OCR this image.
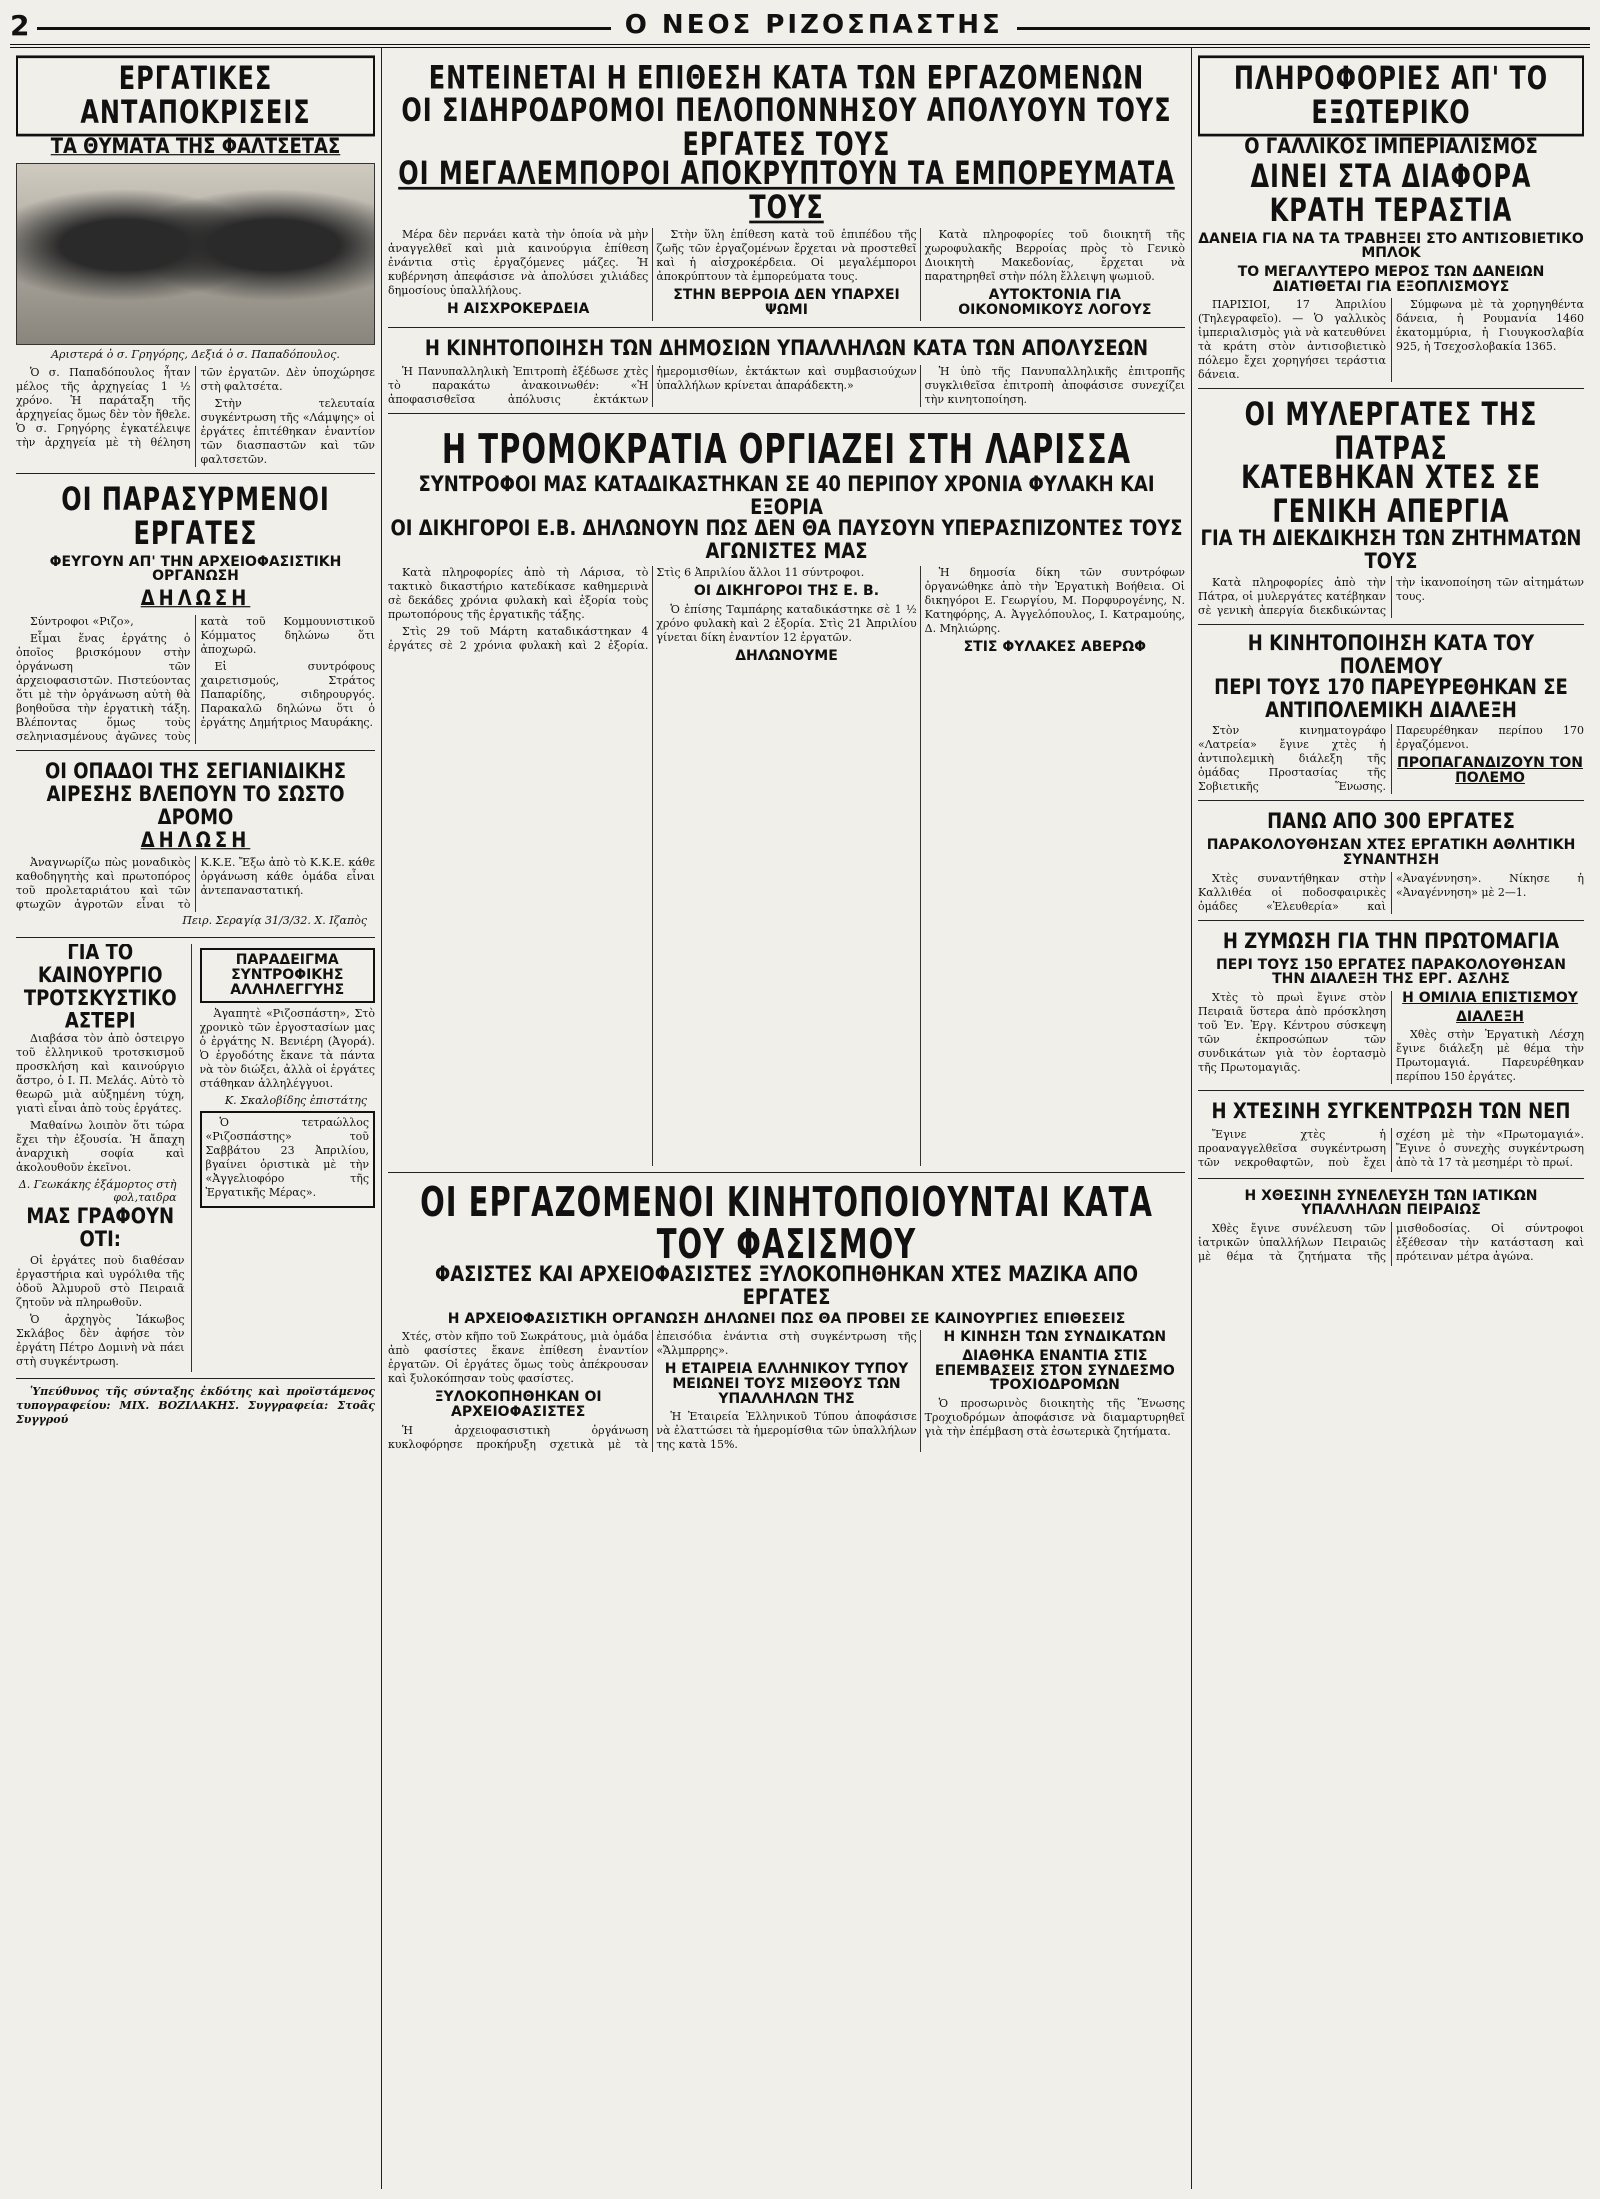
2	Ο ΝΕΟΣ ΡΙΖΟΣΠΑΣΤΗΣ
ΕΡΓΑΤΙΚΕΣ ΑΝΤΑΠΟΚΡΙΣΕΙΣ
ΤΑ ΘΥΜΑΤΑ ΤΗΣ ΦΑΛΤΣΕΤΑΣ
Αριστερά ὁ σ. Γρηγόρης, Δεξιά ὁ σ. Παπαδόπουλος.

Ὁ σ. Παπαδόπουλος ἦταν μέλος τῆς ἀρχηγείας 1 ½ χρόνο. Ἡ παράταξη τῆς ἀρχηγείας ὅμως δὲν τὸν ἤθελε. Ὁ σ. Γρηγόρης ἐγκατέλειψε τὴν ἀρχηγεία μὲ τὴ θέληση τῶν ἐργατῶν. Δὲν ὑποχώρησε στὴ φαλτσέτα.

Στὴν τελευταία συγκέντρωση τῆς «Λάμψης» οἱ ἐργάτες ἐπιτέθηκαν ἐναντίον τῶν διασπαστῶν καὶ τῶν φαλτσετῶν.

ΟΙ ΠΑΡΑΣΥΡΜΕΝΟΙ ΕΡΓΑΤΕΣ
ΦΕΥΓΟΥΝ ΑΠ' ΤΗΝ ΑΡΧΕΙΟΦΑΣΙΣΤΙΚΗ ΟΡΓΑΝΩΣΗ
ΔΗΛΩΣΗ

Σύντροφοι «Ριζο»,

Εἶμαι ἕνας ἐργάτης ὁ ὁποῖος βρισκόμουν στὴν ὀργάνωση τῶν ἀρχειοφασιστῶν. Πιστεύοντας ὅτι μὲ τὴν ὀργάνωση αὐτὴ θὰ βοηθοῦσα τὴν ἐργατικὴ τάξη. Βλέποντας ὅμως τοὺς σεληνιασμένους ἀγῶνες τοὺς κατὰ τοῦ Κομμουνιστικοῦ Κόμματος δηλώνω ὅτι ἀποχωρῶ.

Εἰ συντρόφους χαιρετισμούς, Στράτος Παπαρίδης, σιδηρουργός. Παρακαλῶ δηλώνω ὅτι ὁ ἐργάτης Δημήτριος Μαυράκης.

ΟΙ ΟΠΑΔΟΙ ΤΗΣ ΣΕΓΙΑΝΙΔΙΚΗΣ
ΑΙΡΕΣΗΣ ΒΛΕΠΟΥΝ ΤΟ ΣΩΣΤΟ ΔΡΟΜΟ
ΔΗΛΩΣΗ

Ἀναγνωρίζω πὼς μοναδικὸς καθοδηγητὴς καὶ πρωτοπόρος τοῦ προλεταριάτου καὶ τῶν φτωχῶν ἀγροτῶν εἶναι τὸ Κ.Κ.Ε. Ἔξω ἀπὸ τὸ Κ.Κ.Ε. κάθε ὀργάνωση κάθε ὁμάδα εἶναι ἀντεπαναστατική.

Πειρ. Σεραγίᾳ 31/3/32. Χ. Ιζαπὸς
ΓΙΑ ΤΟ ΚΑΙΝΟΥΡΓΙΟ ΤΡΟΤΣΚΥΣΤΙΚΟ ΑΣΤΕΡΙ

Διαβάσα τὸν ἀπὸ ὁστειργο τοῦ ἐλληνικοῦ τροτσκισμοῦ προσκλήση καὶ καινούργιο ἄστρο, ὁ Ι. Π. Μελάς. Αὐτὸ τὸ θεωρῶ μιὰ αὐξημένη τύχη, γιατὶ εἶναι ἀπὸ τοὺς ἐργάτες.

Μαθαίνω λοιπὸν ὅτι τώρα ἔχει τὴν ἐξουσία. Ἡ ἄπαχη ἀναρχικὴ σοφία καὶ ἀκολουθοῦν ἐκεῖνοι.

Δ. Γεωκάκης ἐξάμορτος στὴ φολ,ταιδρα
ΜΑΣ ΓΡΑΦΟΥΝ ΟΤΙ:

Οἱ ἐργάτες ποὺ διαθέσαν ἐργαστήρια καὶ υγρόλιθα τῆς ὀδοῦ Ἀλμυροῦ στὸ Πειραιᾶ ζητοῦν νὰ πληρωθοῦν.

Ὁ ἀρχηγὸς Ἰάκωβος Σκλάβος δὲν ἀφήσε τὸν ἐργάτη Πέτρο Δομινὴ νὰ πάει στὴ συγκέντρωση.

ΠΑΡΑΔΕΙΓΜΑ ΣΥΝΤΡΟΦΙΚΗΣ ΑΛΛΗΛΕΓΓΥΗΣ

Ἀγαπητὲ «Ριζοσπάστη», Στὸ χρονικὸ τῶν ἐργοστασίων μας ὁ ἐργάτης Ν. Βενιέρη (Ἀγορά). Ὁ ἐργοδότης ἔκανε τὰ πάντα νὰ τὸν διώξει, ἀλλὰ οἱ ἐργάτες στάθηκαν ἀλληλέγγυοι.

Κ. Σκαλοβίδης ἐπιστάτης

Ὁ τετραώλλος «Ριζοσπάστης» τοῦ Σαββάτου 23 Ἀπριλίου, βγαίνει ὁριστικὰ μὲ τὴν «Ἀγγελιοφόρο τῆς Ἐργατικῆς Μέρας».

Ὑπεύθυνος τῆς σύνταξης ἐκδότης καὶ προϊστάμενος τυπογραφείου: ΜΙΧ. ΒΟΖΙΛΑΚΗΣ. Συγγραφεία: Στοᾶς Συγγρού

ΕΝΤΕΙΝΕΤΑΙ Η ΕΠΙΘΕΣΗ ΚΑΤΑ ΤΩΝ ΕΡΓΑΖΟΜΕΝΩΝ
ΟΙ ΣΙΔΗΡΟΔΡΟΜΟΙ ΠΕΛΟΠΟΝΝΗΣΟΥ ΑΠΟΛΥΟΥΝ ΤΟΥΣ ΕΡΓΑΤΕΣ ΤΟΥΣ
ΟΙ ΜΕΓΑΛΕΜΠΟΡΟΙ ΑΠΟΚΡΥΠΤΟΥΝ ΤΑ ΕΜΠΟΡΕΥΜΑΤΑ ΤΟΥΣ

Μέρα δὲν περνάει κατὰ τὴν ὁποία νὰ μὴν ἀναγγελθεῖ καὶ μιὰ καινούργια ἐπίθεση ἐνάντια στὶς ἐργαζόμενες μάζες. Ἡ κυβέρνηση ἀπεφάσισε νὰ ἀπολύσει χιλιάδες δημοσίους ὑπαλλήλους.

Η ΑΙΣΧΡΟΚΕΡΔΕΙΑ

Στὴν ὕλη ἐπίθεση κατὰ τοῦ ἐπιπέδου τῆς ζωῆς τῶν ἐργαζομένων ἔρχεται νὰ προστεθεῖ καὶ ἡ αἰσχροκέρδεια. Οἱ μεγαλέμποροι ἀποκρύπτουν τὰ ἐμπορεύματα τους.

ΣΤΗΝ ΒΕΡΡΟΙΑ ΔΕΝ ΥΠΑΡΧΕΙ ΨΩΜΙ

Κατὰ πληροφορίες τοῦ διοικητῆ τῆς χωροφυλακῆς Βερροίας πρὸς τὸ Γενικὸ Διοικητὴ Μακεδονίας, ἔρχεται νὰ παρατηρηθεῖ στὴν πόλη ἔλλειψη ψωμιοῦ.

ΑΥΤΟΚΤΟΝΙΑ ΓΙΑ ΟΙΚΟΝΟΜΙΚΟΥΣ ΛΟΓΟΥΣ
Η ΚΙΝΗΤΟΠΟΙΗΣΗ ΤΩΝ ΔΗΜΟΣΙΩΝ ΥΠΑΛΛΗΛΩΝ ΚΑΤΑ ΤΩΝ ΑΠΟΛΥΣΕΩΝ

Ἡ Πανυπαλληλικὴ Ἐπιτροπὴ ἐξέδωσε χτὲς τὸ παρακάτω ἀνακοινωθέν: «Ἡ ἀποφασισθεῖσα ἀπόλυσις ἐκτάκτων ἡμερομισθίων, ἐκτάκτων καὶ συμβασιούχων ὑπαλλήλων κρίνεται ἀπαράδεκτη.»

Ἡ ὑπὸ τῆς Πανυπαλληλικῆς ἐπιτροπῆς συγκλιθεῖσα ἐπιτροπὴ ἀποφάσισε συνεχίζει τὴν κινητοποίηση.

Η ΤΡΟΜΟΚΡΑΤΙΑ ΟΡΓΙΑΖΕΙ ΣΤΗ ΛΑΡΙΣΣΑ
ΣΥΝΤΡΟΦΟΙ ΜΑΣ ΚΑΤΑΔΙΚΑΣΤΗΚΑΝ ΣΕ 40 ΠΕΡΙΠΟΥ ΧΡΟΝΙΑ ΦΥΛΑΚΗ ΚΑΙ ΕΞΟΡΙΑ
ΟΙ ΔΙΚΗΓΟΡΟΙ Ε.Β. ΔΗΛΩΝΟΥΝ ΠΩΣ ΔΕΝ ΘΑ ΠΑΥΣΟΥΝ ΥΠΕΡΑΣΠΙΖΟΝΤΕΣ ΤΟΥΣ ΑΓΩΝΙΣΤΕΣ ΜΑΣ

Κατὰ πληροφορίες ἀπὸ τὴ Λάρισα, τὸ τακτικὸ δικαστήριο κατεδίκασε καθημερινὰ σὲ δεκάδες χρόνια φυλακὴ καὶ ἐξορία τοὺς πρωτοπόρους τῆς ἐργατικῆς τάξης.

Στὶς 29 τοῦ Μάρτη καταδικάστηκαν 4 ἐργάτες σὲ 2 χρόνια φυλακὴ καὶ 2 ἐξορία. Στὶς 6 Ἀπριλίου ἄλλοι 11 σύντροφοι.

ΟΙ ΔΙΚΗΓΟΡΟΙ ΤΗΣ Ε. Β.

Ὁ ἐπίσης Ταμπάρης καταδικάστηκε σὲ 1 ½ χρόνο φυλακὴ καὶ 2 ἐξορία. Στὶς 21 Ἀπριλίου γίνεται δίκη ἐναντίον 12 ἐργατῶν.

ΔΗΛΩΝΟΥΜΕ

Ἡ δημοσία δίκη τῶν συντρόφων ὀργανώθηκε ἀπὸ τὴν Ἐργατικὴ Βοήθεια. Οἱ δικηγόροι Ε. Γεωργίου, Μ. Πορφυρογένης, Ν. Κατηφόρης, Α. Ἀγγελόπουλος, Ι. Κατραμούης, Δ. Μηλιώρης.

ΣΤΙΣ ΦΥΛΑΚΕΣ ΑΒΕΡΩΦ
ΟΙ ΕΡΓΑΖΟΜΕΝΟΙ ΚΙΝΗΤΟΠΟΙΟΥΝΤΑΙ ΚΑΤΑ ΤΟΥ ΦΑΣΙΣΜΟΥ
ΦΑΣΙΣΤΕΣ ΚΑΙ ΑΡΧΕΙΟΦΑΣΙΣΤΕΣ ΞΥΛΟΚΟΠΗΘΗΚΑΝ ΧΤΕΣ ΜΑΖΙΚΑ ΑΠΟ ΕΡΓΑΤΕΣ
Η ΑΡΧΕΙΟΦΑΣΙΣΤΙΚΗ ΟΡΓΑΝΩΣΗ ΔΗΛΩΝΕΙ ΠΩΣ ΘΑ ΠΡΟΒΕΙ ΣΕ ΚΑΙΝΟΥΡΓΙΕΣ ΕΠΙΘΕΣΕΙΣ

Χτές, στὸν κῆπο τοῦ Σωκράτους, μιὰ ὁμάδα ἀπὸ φασίστες ἔκανε ἐπίθεση ἐναντίον ἐργατῶν. Οἱ ἐργάτες ὅμως τοὺς ἀπέκρουσαν καὶ ξυλοκόπησαν τοὺς φασίστες.

ΞΥΛΟΚΟΠΗΘΗΚΑΝ ΟΙ ΑΡΧΕΙΟΦΑΣΙΣΤΕΣ

Ἡ ἀρχειοφασιστικὴ ὀργάνωση κυκλοφόρησε προκήρυξη σχετικὰ μὲ τὰ ἐπεισόδια ἐνάντια στὴ συγκέντρωση τῆς «Ἄλμπρρης».

Η ΕΤΑΙΡΕΙΑ ΕΛΛΗΝΙΚΟΥ ΤΥΠΟΥ ΜΕΙΩΝΕΙ ΤΟΥΣ ΜΙΣΘΟΥΣ ΤΩΝ ΥΠΑΛΛΗΛΩΝ ΤΗΣ

Ἡ Ἐταιρεία Ἐλληνικοῦ Τύπου ἀποφάσισε νὰ ἐλαττώσει τὰ ἡμερομίσθια τῶν ὑπαλλήλων της κατὰ 15%.

Η ΚΙΝΗΣΗ ΤΩΝ ΣΥΝΔΙΚΑΤΩΝ
ΔΙΑΘΗΚΑ ΕΝΑΝΤΙΑ ΣΤΙΣ ΕΠΕΜΒΑΣΕΙΣ ΣΤΟΝ ΣΥΝΔΕΣΜΟ ΤΡΟΧΙΟΔΡΟΜΩΝ

Ὁ προσωρινὸς διοικητὴς τῆς Ἕνωσης Τροχιοδρόμων ἀποφάσισε νὰ διαμαρτυρηθεῖ γιὰ τὴν ἐπέμβαση στὰ ἐσωτερικὰ ζητήματα.

ΠΛΗΡΟΦΟΡΙΕΣ ΑΠ' ΤΟ ΕΞΩΤΕΡΙΚΟ
Ο ΓΑΛΛΙΚΟΣ ΙΜΠΕΡΙΑΛΙΣΜΟΣ
ΔΙΝΕΙ ΣΤΑ ΔΙΑΦΟΡΑ ΚΡΑΤΗ ΤΕΡΑΣΤΙΑ
ΔΑΝΕΙΑ ΓΙΑ ΝΑ ΤΑ ΤΡΑΒΗΞΕΙ ΣΤΟ ΑΝΤΙΣΟΒΙΕΤΙΚΟ ΜΠΛΟΚ
ΤΟ ΜΕΓΑΛΥΤΕΡΟ ΜΕΡΟΣ ΤΩΝ ΔΑΝΕΙΩΝ ΔΙΑΤΙΘΕΤΑΙ ΓΙΑ ΕΞΟΠΛΙΣΜΟΥΣ

ΠΑΡΙΣΙΟΙ, 17 Ἀπριλίου (Τηλεγραφεῖο). — Ὁ γαλλικὸς ἰμπεριαλισμὸς γιὰ νὰ κατευθύνει τὰ κράτη στὸν ἀντισοβιετικὸ πόλεμο ἔχει χορηγήσει τεράστια δάνεια.

Σύμφωνα μὲ τὰ χορηγηθέντα δάνεια, ἡ Ρουμανία 1460 ἑκατομμύρια, ἡ Γιουγκοσλαβία 925, ἡ Τσεχοσλοβακία 1365.

ΟΙ ΜΥΛΕΡΓΑΤΕΣ ΤΗΣ ΠΑΤΡΑΣ
ΚΑΤΕΒΗΚΑΝ ΧΤΕΣ ΣΕ ΓΕΝΙΚΗ ΑΠΕΡΓΙΑ
ΓΙΑ ΤΗ ΔΙΕΚΔΙΚΗΣΗ ΤΩΝ ΖΗΤΗΜΑΤΩΝ ΤΟΥΣ

Κατὰ πληροφορίες ἀπὸ τὴν Πάτρα, οἱ μυλεργάτες κατέβηκαν σὲ γενικὴ ἀπεργία διεκδικώντας τὴν ἱκανοποίηση τῶν αἰτημάτων τους.

Η ΚΙΝΗΤΟΠΟΙΗΣΗ ΚΑΤΑ ΤΟΥ ΠΟΛΕΜΟΥ
ΠΕΡΙ ΤΟΥΣ 170 ΠΑΡΕΥΡΕΘΗΚΑΝ ΣΕ ΑΝΤΙΠΟΛΕΜΙΚΗ ΔΙΑΛΕΞΗ

Στὸν κινηματογράφο «Λατρεία» ἔγινε χτὲς ἡ ἀντιπολεμικὴ διάλεξη τῆς ὁμάδας Προστασίας τῆς Σοβιετικῆς Ἕνωσης. Παρευρέθηκαν περίπου 170 ἐργαζόμενοι.

ΠΡΟΠΑΓΑΝΔΙΖΟΥΝ ΤΟΝ ΠΟΛΕΜΟ
ΠΑΝΩ ΑΠΟ 300 ΕΡΓΑΤΕΣ
ΠΑΡΑΚΟΛΟΥΘΗΣΑΝ ΧΤΕΣ ΕΡΓΑΤΙΚΗ ΑΘΛΗΤΙΚΗ ΣΥΝΑΝΤΗΣΗ

Χτὲς συναντήθηκαν στὴν Καλλιθέα οἱ ποδοσφαιρικὲς ὁμάδες «Ἐλευθερία» καὶ «Ἀναγέννηση». Νίκησε ἡ «Ἀναγέννηση» μὲ 2—1.

Η ΖΥΜΩΣΗ ΓΙΑ ΤΗΝ ΠΡΩΤΟΜΑΓΙΑ
ΠΕΡΙ ΤΟΥΣ 150 ΕΡΓΑΤΕΣ ΠΑΡΑΚΟΛΟΥΘΗΣΑΝ ΤΗΝ ΔΙΑΛΕΞΗ ΤΗΣ ΕΡΓ. ΑΣΛΗΣ

Χτὲς τὸ πρωὶ ἔγινε στὸν Πειραιᾶ ὕστερα ἀπὸ πρόσκληση τοῦ Ἐν. Ἐργ. Κέντρου σύσκεψη τῶν ἐκπροσώπων τῶν συνδικάτων γιὰ τὸν ἑορτασμὸ τῆς Πρωτομαγιᾶς.

Η ΟΜΙΛΙΑ ΕΠΙΣΤΙΣΜΟΥ
ΔΙΑΛΕΞΗ

Χθὲς στὴν Ἐργατικὴ Λέσχη ἔγινε διάλεξη μὲ θέμα τὴν Πρωτομαγιά. Παρευρέθηκαν περίπου 150 ἐργάτες.

Η ΧΤΕΣΙΝΗ ΣΥΓΚΕΝΤΡΩΣΗ ΤΩΝ ΝΕΠ

Ἔγινε χτὲς ἡ προαναγγελθεῖσα συγκέντρωση τῶν νεκροθαφτῶν, ποὺ ἔχει σχέση μὲ τὴν «Πρωτομαγιά». Ἔγινε ὁ συνεχὴς συγκέντρωση ἀπὸ τὰ 17 τὰ μεσημέρι τὸ πρωί.

Η ΧΘΕΣΙΝΗ ΣΥΝΕΛΕΥΣΗ ΤΩΝ ΙΑΤΙΚΩΝ ΥΠΑΛΛΗΛΩΝ ΠΕΙΡΑΙΩΣ

Χθὲς ἔγινε συνέλευση τῶν ἰατρικῶν ὑπαλλήλων Πειραιῶς μὲ θέμα τὰ ζητήματα τῆς μισθοδοσίας. Οἱ σύντροφοι ἐξέθεσαν τὴν κατάσταση καὶ πρότειναν μέτρα ἀγώνα.
